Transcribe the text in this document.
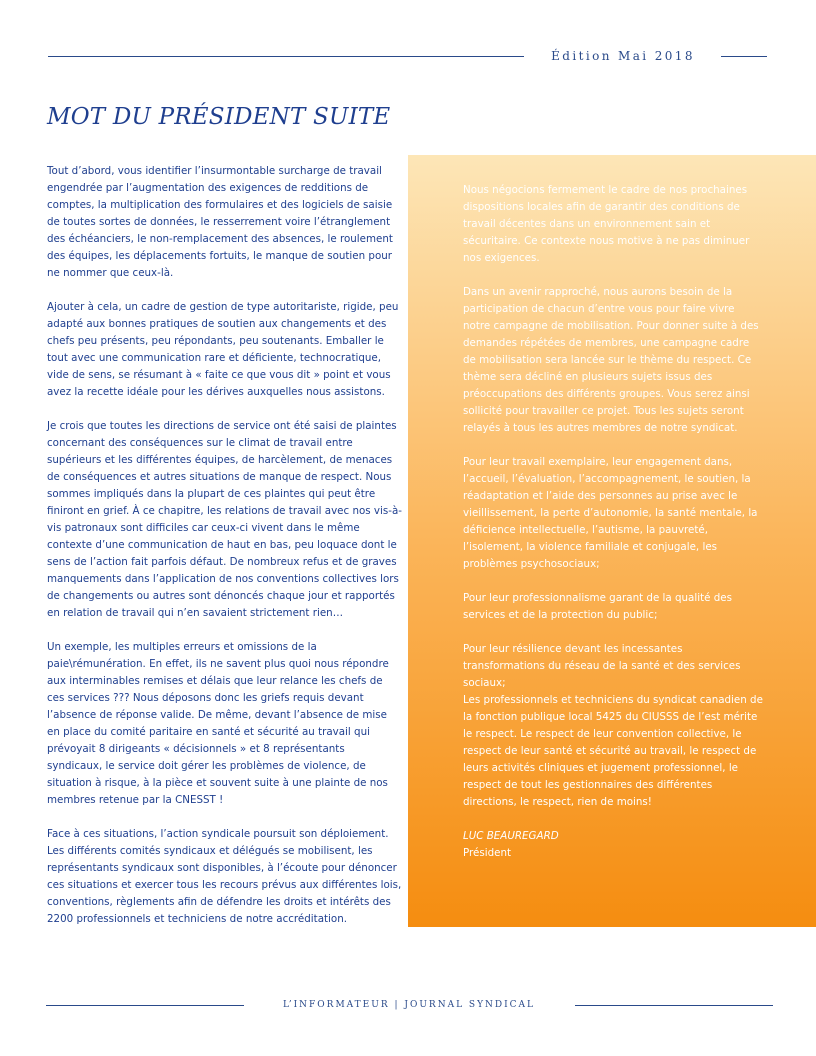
Édition Mai 2018
MOT DU PRÉSIDENT SUITE

Tout d’abord, vous identifier l’insurmontable surcharge de travail engendrée par l’augmentation des exigences de redditions de comptes, la multiplication des formulaires et des logiciels de saisie de toutes sortes de données, le resserrement voire l’étranglement des échéanciers, le non-remplacement des absences, le roulement des équipes, les déplacements fortuits, le manque de soutien pour ne nommer que ceux-là.

Ajouter à cela, un cadre de gestion de type autoritariste, rigide, peu adapté aux bonnes pratiques de soutien aux changements et des chefs peu présents, peu répondants, peu soutenants. Emballer le tout avec une communication rare et déficiente, technocratique, vide de sens, se résumant à « faite ce que vous dit » point et vous avez la recette idéale pour les dérives auxquelles nous assistons.

Je crois que toutes les directions de service ont été saisi de plaintes concernant des conséquences sur le climat de travail entre supérieurs et les différentes équipes, de harcèlement, de menaces de conséquences et autres situations de manque de respect. Nous sommes impliqués dans la plupart de ces plaintes qui peut être finiront en grief. À ce chapitre, les relations de travail avec nos vis-à-vis patronaux sont difficiles car ceux-ci vivent dans le même contexte d’une communication de haut en bas, peu loquace dont le sens de l’action fait parfois défaut. De nombreux refus et de graves manquements dans l’application de nos conventions collectives lors de changements ou autres sont dénoncés chaque jour et rapportés en relation de travail qui n’en savaient strictement rien…

Un exemple, les multiples erreurs et omissions de la paie\rémunération. En effet, ils ne savent plus quoi nous répondre aux interminables remises et délais que leur relance les chefs de ces services ??? Nous déposons donc les griefs requis devant l’absence de réponse valide. De même, devant l’absence de mise en place du comité paritaire en santé et sécurité au travail qui prévoyait 8 dirigeants « décisionnels » et 8 représentants syndicaux, le service doit gérer les problèmes de violence, de situation à risque, à la pièce et souvent suite à une plainte de nos membres retenue par la CNESST !

Face à ces situations, l’action syndicale poursuit son déploiement. Les différents comités syndicaux et délégués se mobilisent, les représentants syndicaux sont disponibles, à l’écoute pour dénoncer ces situations et exercer tous les recours prévus aux différentes lois, conventions, règlements afin de défendre les droits et intérêts des 2200 professionnels et techniciens de notre accréditation.

Nous négocions fermement le cadre de nos prochaines dispositions locales afin de garantir des conditions de travail décentes dans un environnement sain et sécuritaire. Ce contexte nous motive à ne pas diminuer nos exigences.

Dans un avenir rapproché, nous aurons besoin de la participation de chacun d’entre vous pour faire vivre notre campagne de mobilisation. Pour donner suite à des demandes répétées de membres, une campagne cadre de mobilisation sera lancée sur le thème du respect. Ce thème sera décliné en plusieurs sujets issus des préoccupations des différents groupes. Vous serez ainsi sollicité pour travailler ce projet. Tous les sujets seront relayés à tous les autres membres de notre syndicat.

Pour leur travail exemplaire, leur engagement dans, l’accueil, l’évaluation, l’accompagnement, le soutien, la réadaptation et l’aide des personnes au prise avec le vieillissement, la perte d’autonomie, la santé mentale, la déficience intellectuelle, l’autisme, la pauvreté, l’isolement, la violence familiale et conjugale, les problèmes psychosociaux;

Pour leur professionnalisme garant de la qualité des services et de la protection du public;

Pour leur résilience devant les incessantes transformations du réseau de la santé et des services sociaux;

Les professionnels et techniciens du syndicat canadien de la fonction publique local 5425 du CIUSSS de l’est mérite le respect. Le respect de leur convention collective, le respect de leur santé et sécurité au travail, le respect de leurs activités cliniques et jugement professionnel, le respect de tout les gestionnaires des différentes directions, le respect, rien de moins!

LUC BEAUREGARD
Président

L’INFORMATEUR | JOURNAL SYNDICAL
